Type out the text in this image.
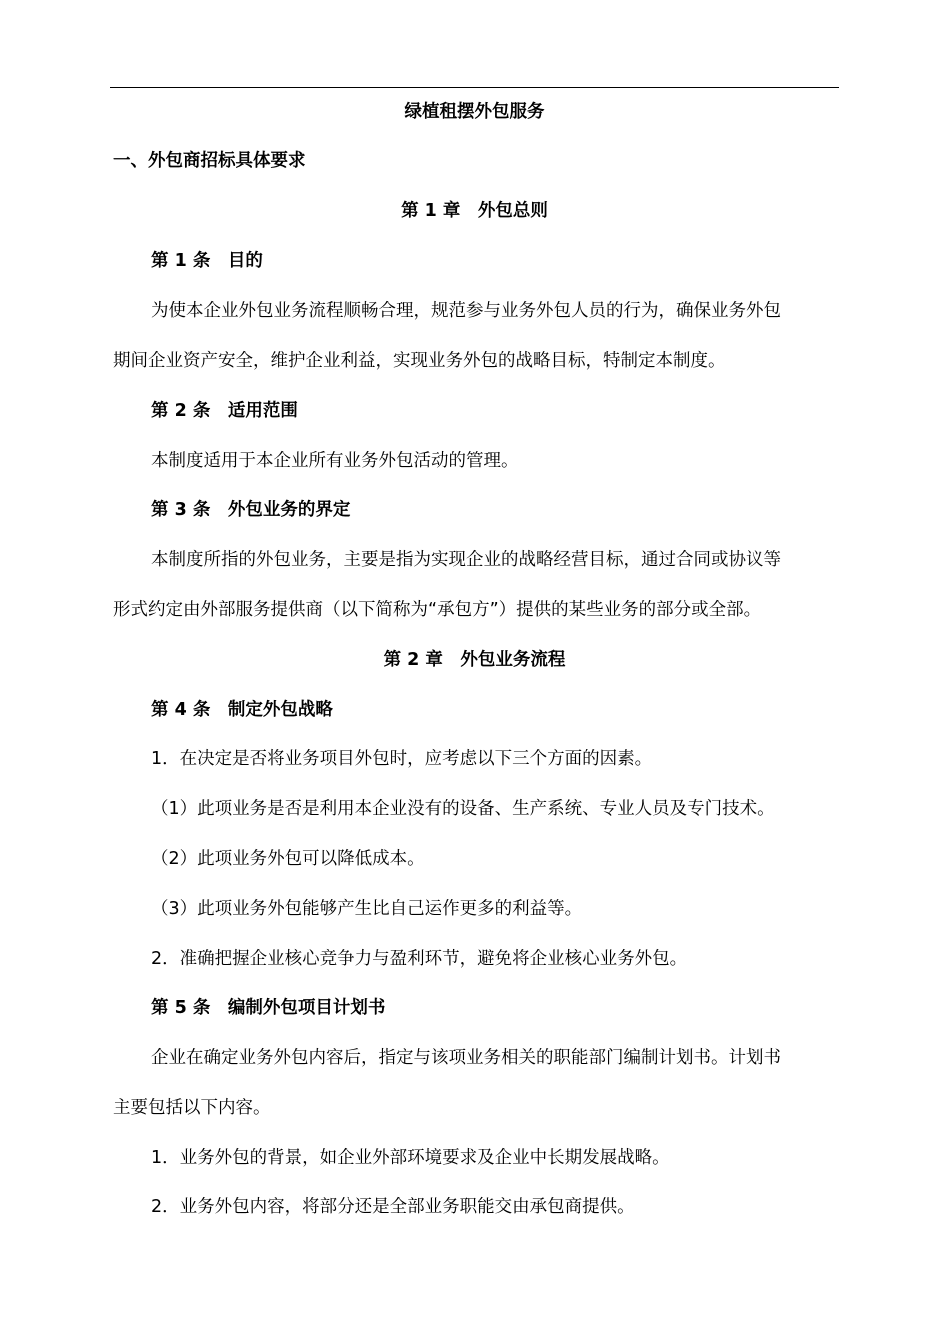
绿植租摆外包服务
一、外包商招标具体要求
第 1 章　外包总则
第 1 条　目的
为使本企业外包业务流程顺畅合理，规范参与业务外包人员的行为，确保业务外包
期间企业资产安全，维护企业利益，实现业务外包的战略目标，特制定本制度。
第 2 条　适用范围
本制度适用于本企业所有业务外包活动的管理。
第 3 条　外包业务的界定
本制度所指的外包业务，主要是指为实现企业的战略经营目标，通过合同或协议等
形式约定由外部服务提供商（以下简称为“承包方”）提供的某些业务的部分或全部。
第 2 章　外包业务流程
第 4 条　制定外包战略
1．在决定是否将业务项目外包时，应考虑以下三个方面的因素。
（1）此项业务是否是利用本企业没有的设备、生产系统、专业人员及专门技术。
（2）此项业务外包可以降低成本。
（3）此项业务外包能够产生比自己运作更多的利益等。
2．准确把握企业核心竞争力与盈利环节，避免将企业核心业务外包。
第 5 条　编制外包项目计划书
企业在确定业务外包内容后，指定与该项业务相关的职能部门编制计划书。计划书
主要包括以下内容。
1．业务外包的背景，如企业外部环境要求及企业中长期发展战略。
2．业务外包内容，将部分还是全部业务职能交由承包商提供。
